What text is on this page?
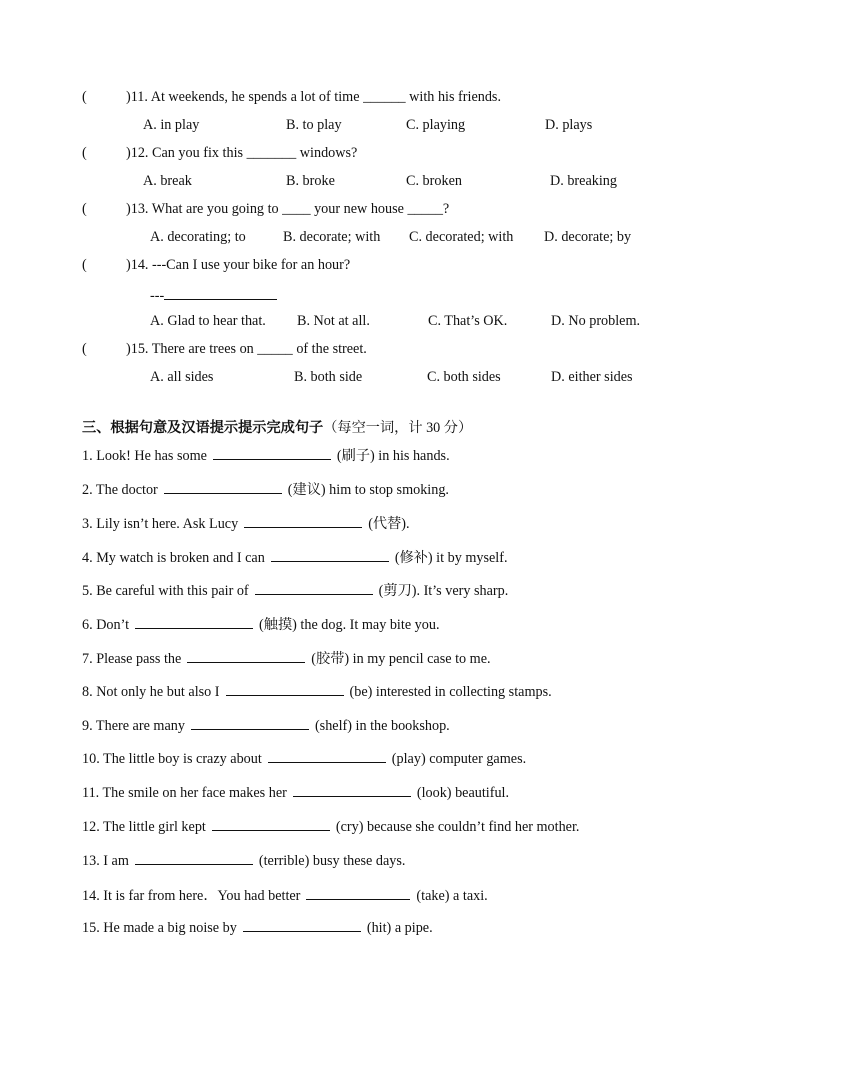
(	)11. At weekends, he spends a lot of time ______ with his friends.
A. in play	B. to play	C. playing	D. plays
(	)12. Can you fix this _______ windows?
A. break	B. broke	C. broken	D. breaking
(	)13. What are you going to ____ your new house _____?
A. decorating; to	B. decorate; with C. decorated; with D. decorate; by
(	)14. ---Can I use your bike for an hour?
---
A. Glad to hear that. B. Not at all.	C. That’s OK.	D. No problem.
(	)15. There are trees on _____ of the street.
A. all sides	B. both side	C. both sides	D. either sides
三、根据句意及汉语提示提示完成句子（每空一词，计 30 分）
1. Look! He has some	(刷子) in his hands.
2. The doctor	(建议) him to stop smoking.
3. Lily isn’t here. Ask Lucy	(代替).
4. My watch is broken and I can	(修补) it by myself.
5. Be careful with this pair of	(剪刀). It’s very sharp.
6. Don’t	(触摸) the dog. It may bite you.
7. Please pass the	(胶带) in my pencil case to me.
8. Not only he but also I	(be) interested in collecting stamps.
9. There are many	(shelf) in the bookshop.
10. The little boy is crazy about	(play) computer games.
11. The smile on her face makes her	(look) beautiful.
12. The little girl kept	(cry) because she couldn’t find her mother.
13. I am	(terrible) busy these days.
14. It is far from here．You had better	(take) a taxi.
15. He made a big noise by	(hit) a pipe.
